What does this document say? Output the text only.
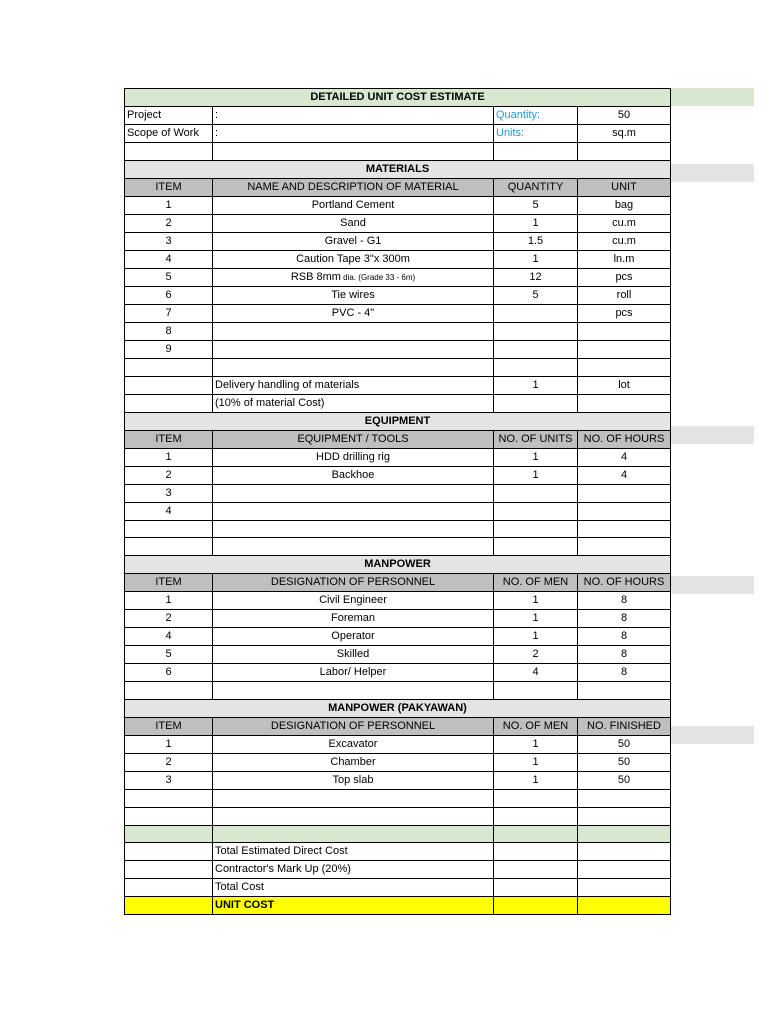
DETAILED UNIT COST ESTIMATE			
Project	:	Quantity:	50
Scope of Work	:	Units:	sq.m

MATERIALS			
ITEM	NAME AND DESCRIPTION OF MATERIAL	QUANTITY	UNIT
1	Portland Cement	5	bag
2	Sand	1	cu.m
3	Gravel - G1	1.5	cu.m
4	Caution Tape 3"x 300m	1	ln.m
5	RSB 8mm dia. (Grade 33 - 6m)	12	pcs
6	Tie wires	5	roll
7	PVC - 4"		pcs
8			
9			

	Delivery handling of materials	1	lot
	(10% of material Cost)		
EQUIPMENT			
ITEM	EQUIPMENT / TOOLS	NO. OF UNITS	NO. OF HOURS
1	HDD drilling rig	1	4
2	Backhoe	1	4
3			
4			

MANPOWER			
ITEM	DESIGNATION OF PERSONNEL	NO. OF MEN	NO. OF HOURS
1	Civil Engineer	1	8
2	Foreman	1	8
4	Operator	1	8
5	Skilled	2	8
6	Labor/ Helper	4	8

MANPOWER (PAKYAWAN)			
ITEM	DESIGNATION OF PERSONNEL	NO. OF MEN	NO. FINISHED
1	Excavator	1	50
2	Chamber	1	50
3	Top slab	1	50

	Total Estimated Direct Cost		
	Contractor's Mark Up (20%)		
	Total Cost		
	UNIT COST		
